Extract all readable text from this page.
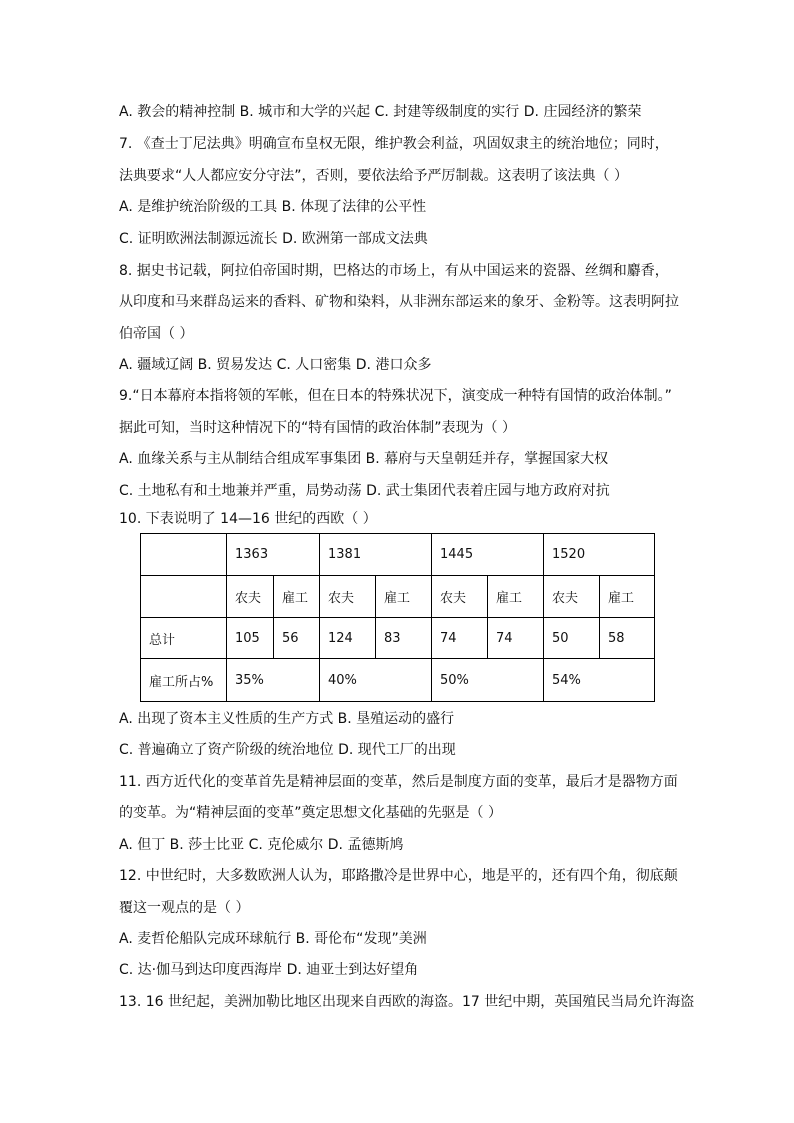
A. 教会的精神控制 B. 城市和大学的兴起 C. 封建等级制度的实行 D. 庄园经济的繁荣
7. 《查士丁尼法典》明确宣布皇权无限，维护教会利益，巩固奴隶主的统治地位；同时，
法典要求“人人都应安分守法”，否则，要依法给予严厉制裁。这表明了该法典（ ）
A. 是维护统治阶级的工具 B. 体现了法律的公平性
C. 证明欧洲法制源远流长 D. 欧洲第一部成文法典
8. 据史书记载，阿拉伯帝国时期，巴格达的市场上，有从中国运来的瓷器、丝绸和麝香，
从印度和马来群岛运来的香料、矿物和染料，从非洲东部运来的象牙、金粉等。这表明阿拉
伯帝国（ ）
A. 疆域辽阔 B. 贸易发达 C. 人口密集 D. 港口众多
9.“日本幕府本指将领的军帐，但在日本的特殊状况下，演变成一种特有国情的政治体制。”
据此可知，当时这种情况下的“特有国情的政治体制”表现为（ ）
A. 血缘关系与主从制结合组成军事集团 B. 幕府与天皇朝廷并存，掌握国家大权
C. 土地私有和土地兼并严重，局势动荡 D. 武士集团代表着庄园与地方政府对抗
10. 下表说明了 14—16 世纪的西欧（ ）
	1363		1381		1445		1520	
	农夫	雇工	农夫	雇工	农夫	雇工	农夫	雇工
总计	105	56	124	83	74	74	50	58
雇工所占%	35%		40%		50%		54%	
A. 出现了资本主义性质的生产方式 B. 垦殖运动的盛行
C. 普遍确立了资产阶级的统治地位 D. 现代工厂的出现
11. 西方近代化的变革首先是精神层面的变革，然后是制度方面的变革，最后才是器物方面
的变革。为“精神层面的变革”奠定思想文化基础的先驱是（ ）
A. 但丁 B. 莎士比亚 C. 克伦威尔 D. 孟德斯鸠
12. 中世纪时，大多数欧洲人认为，耶路撒冷是世界中心，地是平的，还有四个角，彻底颠
覆这一观点的是（ ）
A. 麦哲伦船队完成环球航行 B. 哥伦布“发现”美洲
C. 达·伽马到达印度西海岸 D. 迪亚士到达好望角
13. 16 世纪起，美洲加勒比地区出现来自西欧的海盗。17 世纪中期，英国殖民当局允许海盗
